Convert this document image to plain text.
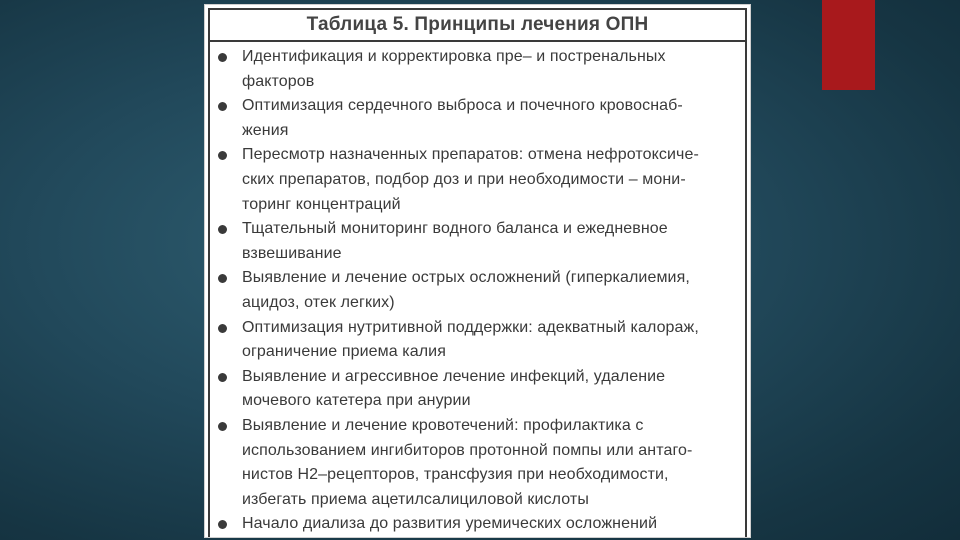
Таблица 5. Принципы лечения ОПН
Идентификация и корректировка пре– и постренальных
факторов
Оптимизация сердечного выброса и почечного кровоснаб-
жения
Пересмотр назначенных препаратов: отмена нефротоксиче-
ских препаратов, подбор доз и при необходимости – мони-
торинг концентраций
Тщательный мониторинг водного баланса и ежедневное
взвешивание
Выявление и лечение острых осложнений (гиперкалиемия,
ацидоз, отек легких)
Оптимизация нутритивной поддержки: адекватный калораж,
ограничение приема калия
Выявление и агрессивное лечение инфекций, удаление
мочевого катетера при анурии
Выявление и лечение кровотечений: профилактика с
использованием ингибиторов протонной помпы или антаго-
нистов Н2–рецепторов, трансфузия при необходимости,
избегать приема ацетилсалициловой кислоты
Начало диализа до развития уремических осложнений
